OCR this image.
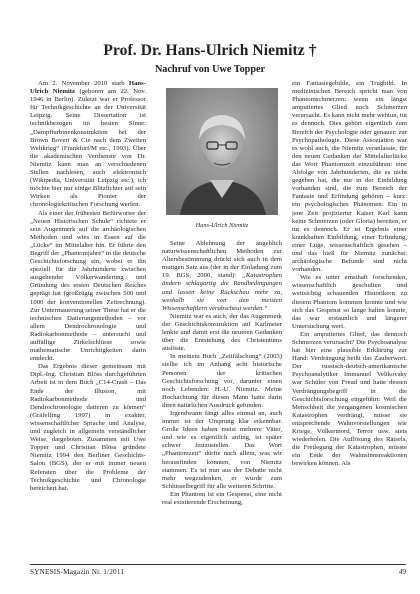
Prof. Dr. Hans-Ulrich Niemitz †
Nachruf von Uwe Topper

Am 2. November 2010 starb Hans-Ulrich Niemitz (geboren am 22. Nov. 1946 in Berlin). Zuletzt war er Professor für Technikgeschichte an der Universität Leipzig. Seine Dissertation ist technikbezogen im besten Sinne: „Dampfturbinenkonstruktion bei der Brown Boveri & Cie nach dem Zweiten Weltkrieg“ (Frankfurt/M etc., 1993). Über die akademischen Verdienste von Dr. Niemitz kann man an verschiedenen Stellen nachlesen, auch elektronisch (Wikipedia, Universität Leipzig etc.), ich möchte hier nur einige Blitzlichter auf sein Wirken als Pionier der chronologiekritischen Forschung werfen.

Als einer der frühesten Befürworter der „Neuen Historischen Schule“ richtete er sein Augenmerk auf die archäologischen Methoden und wies in Essen auf die „Lücke“ im Mittelalter hin. Er führte den Begriff der „Phantomjahre“ in die deutsche Geschichtsforschung ein, wobei er ihn speziell für die Jahrhunderte zwischen ausgehender Völkerwanderung und Gründung des ersten Deutschen Reiches geprägt hat (großzügig zwischen 500 und 1000 der konventionellen Zeitrechnung). Zur Untermauerung seiner These hat er die technischen Datierungsmethoden – vor allem Dendrochronologie und Radiokarbonmethode – untersucht und auffällige Zirkelschlüsse sowie mathematische Unrichtigkeiten darin entdeckt.

Das Ergebnis dieser gemeinsam mit Dipl.-Ing. Christian Blöss durchgeführten Arbeit ist in dem Buch „C14-Crash – Das Ende der Illusion, mit Radiokarbonmethode und Dendrochronologie datieren zu können“ (Gräfelfing 1997) in exakter, wissenschaftlicher Sprache und Analyse, und zugleich in allgemein verständlicher Weise, dargeboten. Zusammen mit Uwe Topper und Christian Blöss gründete Niemitz 1994 den Berliner Geschichts-Salon (BGS), der er mit immer neuen Referaten über die Probleme der Technikgeschichte und Chronologie bereichert hat.

Hans-Ulrich Niemitz

Seine Ablehnung der angeblich naturwissenschaftlichen Methoden zur Altersbestimmung drückt sich auch in dem mutigen Satz aus (der in der Einladung zum 19. BGS, 2000, stand): „Katastrophen ändern schlagartig die Randbedingungen und lassen keine Rückschau mehr zu, weshalb sie von den meisten Wissenschaftlern verabscheut werden.“

Niemitz war es auch, der das Augenmerk der Geschichtskonstruktion auf Karlmeier lenkte und damit erst die neueren Gedanken über die Entstehung des Christentums auslöste.

In meinem Buch „Zeitfälschung“ (2003) stellte ich im Anhang acht historische Personen der kritischen Geschichtsforschung vor, darunter einen noch Lebenden: H.-U. Niemitz. Meine Hochachtung für diesen Mann hatte darin ihren natürlichen Ausdruck gefunden.

Irgendwann fängt alles einmal an, auch immer ist der Ursprung klar erkennbar. Große Ideen haben meist mehrere Väter, und wie es eigentlich anfing, ist später schwer festzustellen. Das Wort „Phantomzeit“ dürfte nach allem, was wir herausfinden konnten, von Niemitz stammen. Es ist nun aus der Debatte nicht mehr wegzudenken, er wurde zum Schlüsselbegriff für alle weiteren Schritte.

Ein Phantom ist ein Gespenst, eine nicht real existierende Erscheinung,

ein Fantasiegebilde, ein Trugbild. In medizinischen Bereich spricht man von Phantomschmerzen: wenn ein längst amputiertes Glied noch Schmerzen verursacht. Es kann nicht mehr wehtun, tut es dennoch. Dies gehört eigentlich zum Bereich der Psychologie oder genauer: zur Psychopathologie. Diese Assoziation war es wohl auch, die Niemitz veranlasste, für den neuen Gedanken der Mittelalterlücke das Wort Phantomzeit einzuführen: eine Abfolge von Jahrhunderten, die es nicht gegeben hat, die nur in der Einbildung vorhanden sind, die zum Bereich der Fantasie und Erfindung gehören – kurz: ein psychologisches Phänomen. Ein in jene Zeit projizierter Kaiser Karl kann keine Schmerzen (oder Gloria) bereiten, er tut es dennoch. Er ist Ergebnis einer krankhaften Einbildung, einer Erfindung, einer Lüge, wissenschaftlich gesehen – und das hieß für Niemitz zunächst: archäologische Befunde sind nicht vorhanden.

Wie es unter ernsthaft forschenden, wissenschaftlich geschulten und weitsichtig schauenden Historikern zu diesem Phantom kommen konnte und wie sich das Gespenst so lange halten konnte, das war erstaunlich und längerer Untersuchung wert.

Ein amputiertes Glied, das dennoch Schmerzen verursacht? Die Psychoanalyse hat hier eine plausible Erklärung zur Hand: Verdrängung heißt das Zauberwort. Der russisch-deutsch-amerikanische Psychoanalytiker Immanuel Velikovsky war Schüler von Freud und hatte dessen Verdrängungsbegriff in die Geschichtsforschung eingeführt: Weil die Menschheit die vergangenen kosmischen Katastrophen verdrängt, müsse sie entsprechende Wahnvorstellungen wie Kriege, Völkermord, Terror usw. stets wiederholen. Die Auflösung des Rätsels, die Freilegung der Katastrophen, müsste ein Ende der Wahnsinnsreaktionen bewirken können. Als

SYNESIS-Magazin Nr. 1/2011	49
